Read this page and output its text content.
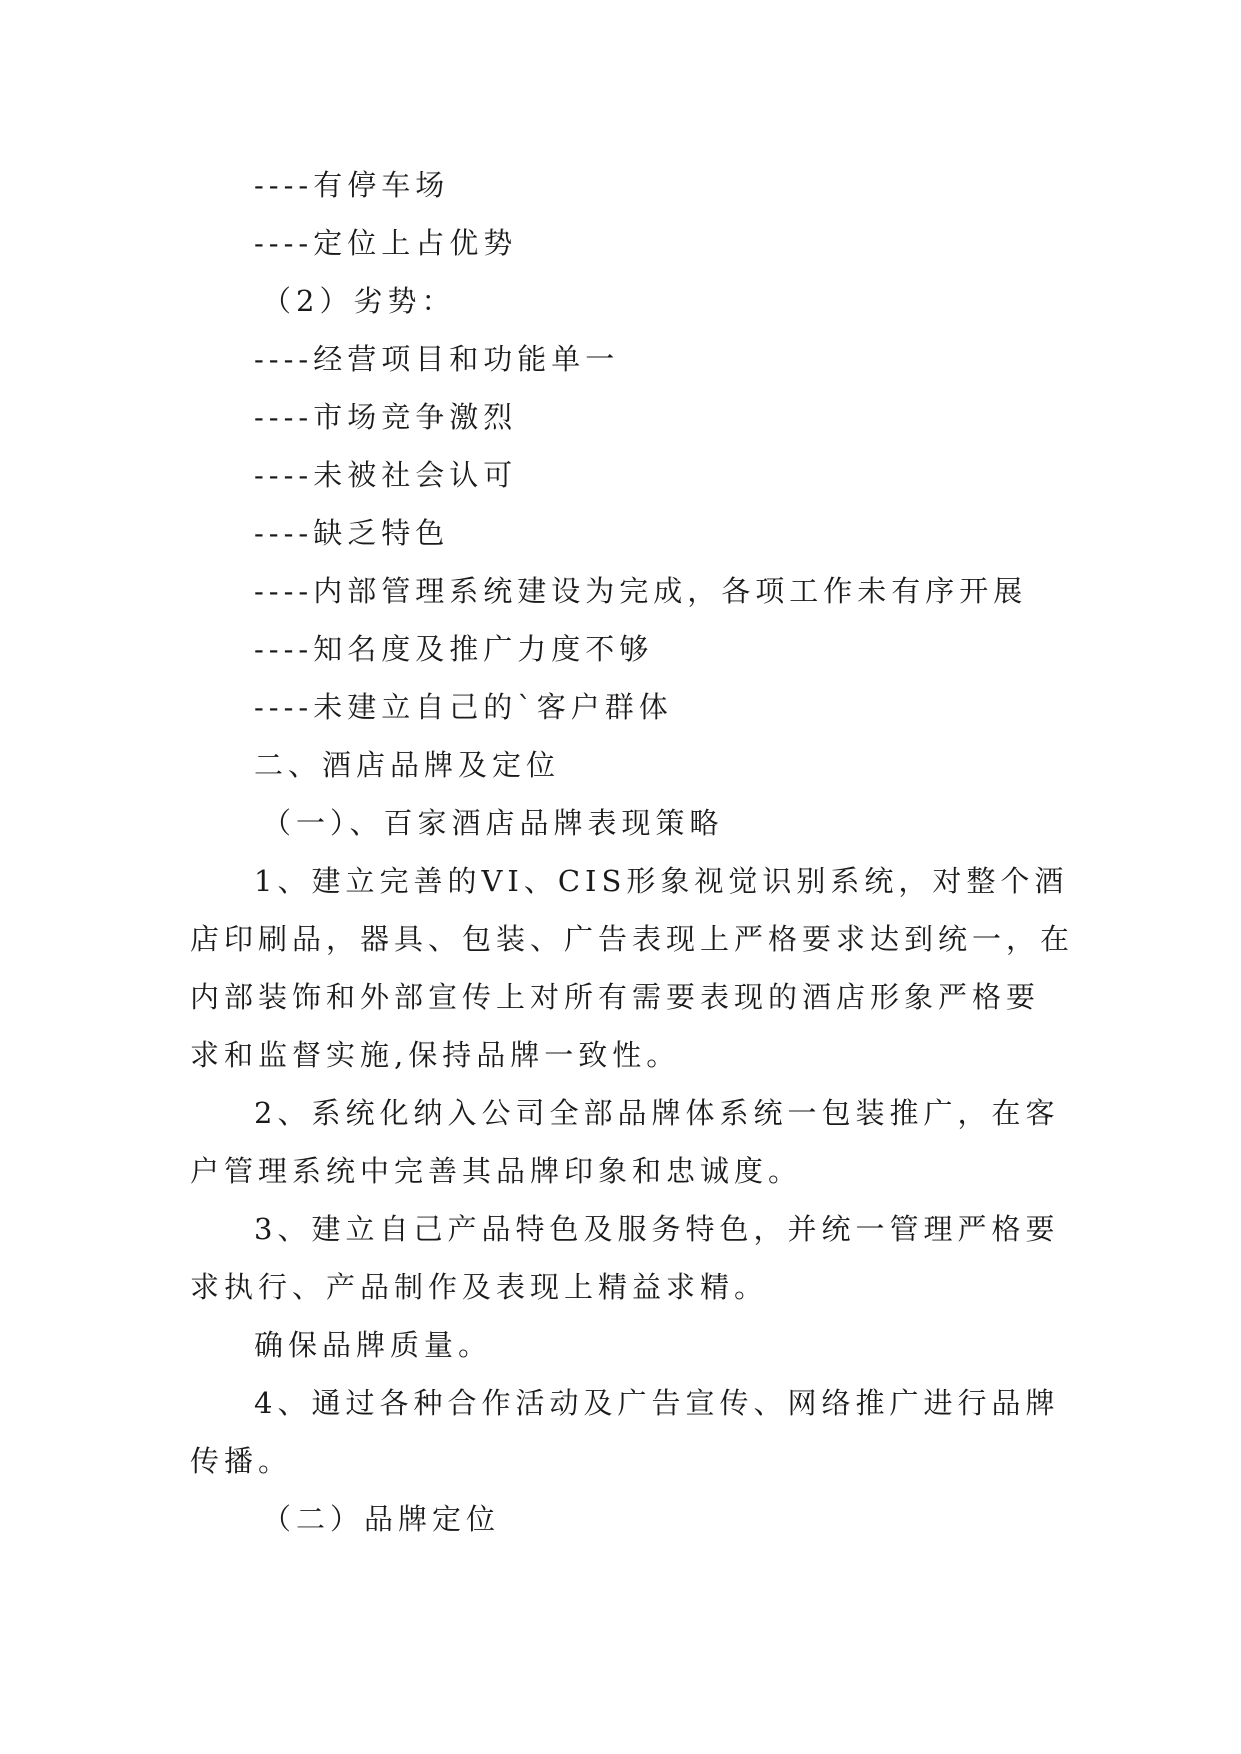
----有停车场
----定位上占优势
（2）劣势：
----经营项目和功能单一
----市场竞争激烈
----未被社会认可
----缺乏特色
----内部管理系统建设为完成，各项工作未有序开展
----知名度及推广力度不够
----未建立自己的`客户群体
二、酒店品牌及定位
（一）、百家酒店品牌表现策略
1、建立完善的VI、CIS形象视觉识别系统，对整个酒
店印刷品，器具、包装、广告表现上严格要求达到统一，在
内部装饰和外部宣传上对所有需要表现的酒店形象严格要
求和监督实施,保持品牌一致性。
2、系统化纳入公司全部品牌体系统一包装推广，在客
户管理系统中完善其品牌印象和忠诚度。
3、建立自己产品特色及服务特色，并统一管理严格要
求执行、产品制作及表现上精益求精。
确保品牌质量。
4、通过各种合作活动及广告宣传、网络推广进行品牌
传播。
（二）品牌定位
